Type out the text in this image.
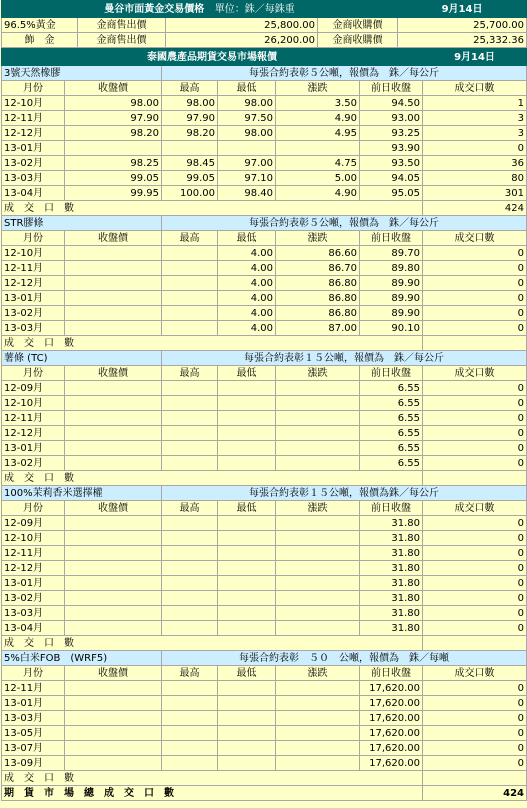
曼谷市面黃金交易價格 單位：銖／每銖重				9月14日
96.5%黃金	金商售出價	25,800.00	金商收購價	25,700.00
飾　金	金商售出價	26,200.00	金商收購價	25,332.36
泰國農產品期貨交易市場報價						9月14日
3號天然橡膠		每張合約表彰５公噸，報價為　銖／每公斤				
月份	收盤價	最高	最低	漲跌	前日收盤	成交口數
12-10月	98.00	98.00	98.00	3.50	94.50	1
12-11月	97.90	97.90	97.50	4.90	93.00	3
12-12月	98.20	98.20	98.00	4.95	93.25	3
13-01月					93.90	0
13-02月	98.25	98.45	97.00	4.75	93.50	36
13-03月	99.05	99.05	97.10	5.00	94.05	80
13-04月	99.95	100.00	98.40	4.90	95.05	301
成　交　口　數						424
STR膠條		每張合約表彰５公噸，報價為　銖／每公斤				
月份	收盤價	最高	最低	漲跌	前日收盤	成交口數
12-10月			4.00	86.60	89.70	0
12-11月			4.00	86.70	89.80	0
12-12月			4.00	86.80	89.90	0
13-01月			4.00	86.80	89.90	0
13-02月			4.00	86.80	89.90	0
13-03月			4.00	87.00	90.10	0
成　交　口　數						
薯條 (TC)		每張合約表彰１５公噸，報價為　銖／每公斤				
月份	收盤價	最高	最低	漲跌	前日收盤	成交口數
12-09月					6.55	0
12-10月					6.55	0
12-11月					6.55	0
12-12月					6.55	0
13-01月					6.55	0
13-02月					6.55	0
成　交　口　數						
100%茉莉香米選擇權		每張合約表彰１５公噸，報價為銖／每公斤				
月份	收盤價	最高	最低	漲跌	前日收盤	成交口數
12-09月					31.80	0
12-10月					31.80	0
12-11月					31.80	0
12-12月					31.80	0
13-01月					31.80	0
13-02月					31.80	0
13-03月					31.80	0
13-04月					31.80	0
成　交　口　數						
5%白米FOB　(WRF5)		每張合約表彰　５０　公噸，報價為　銖／每噸				
月份	收盤價	最高	最低	漲跌	前日收盤	成交口數
12-11月					17,620.00	0
13-01月					17,620.00	0
13-03月					17,620.00	0
13-05月					17,620.00	0
13-07月					17,620.00	0
13-09月					17,620.00	0
成　交　口　數						
期　貨　市　場　總　成　交　口　數						424
